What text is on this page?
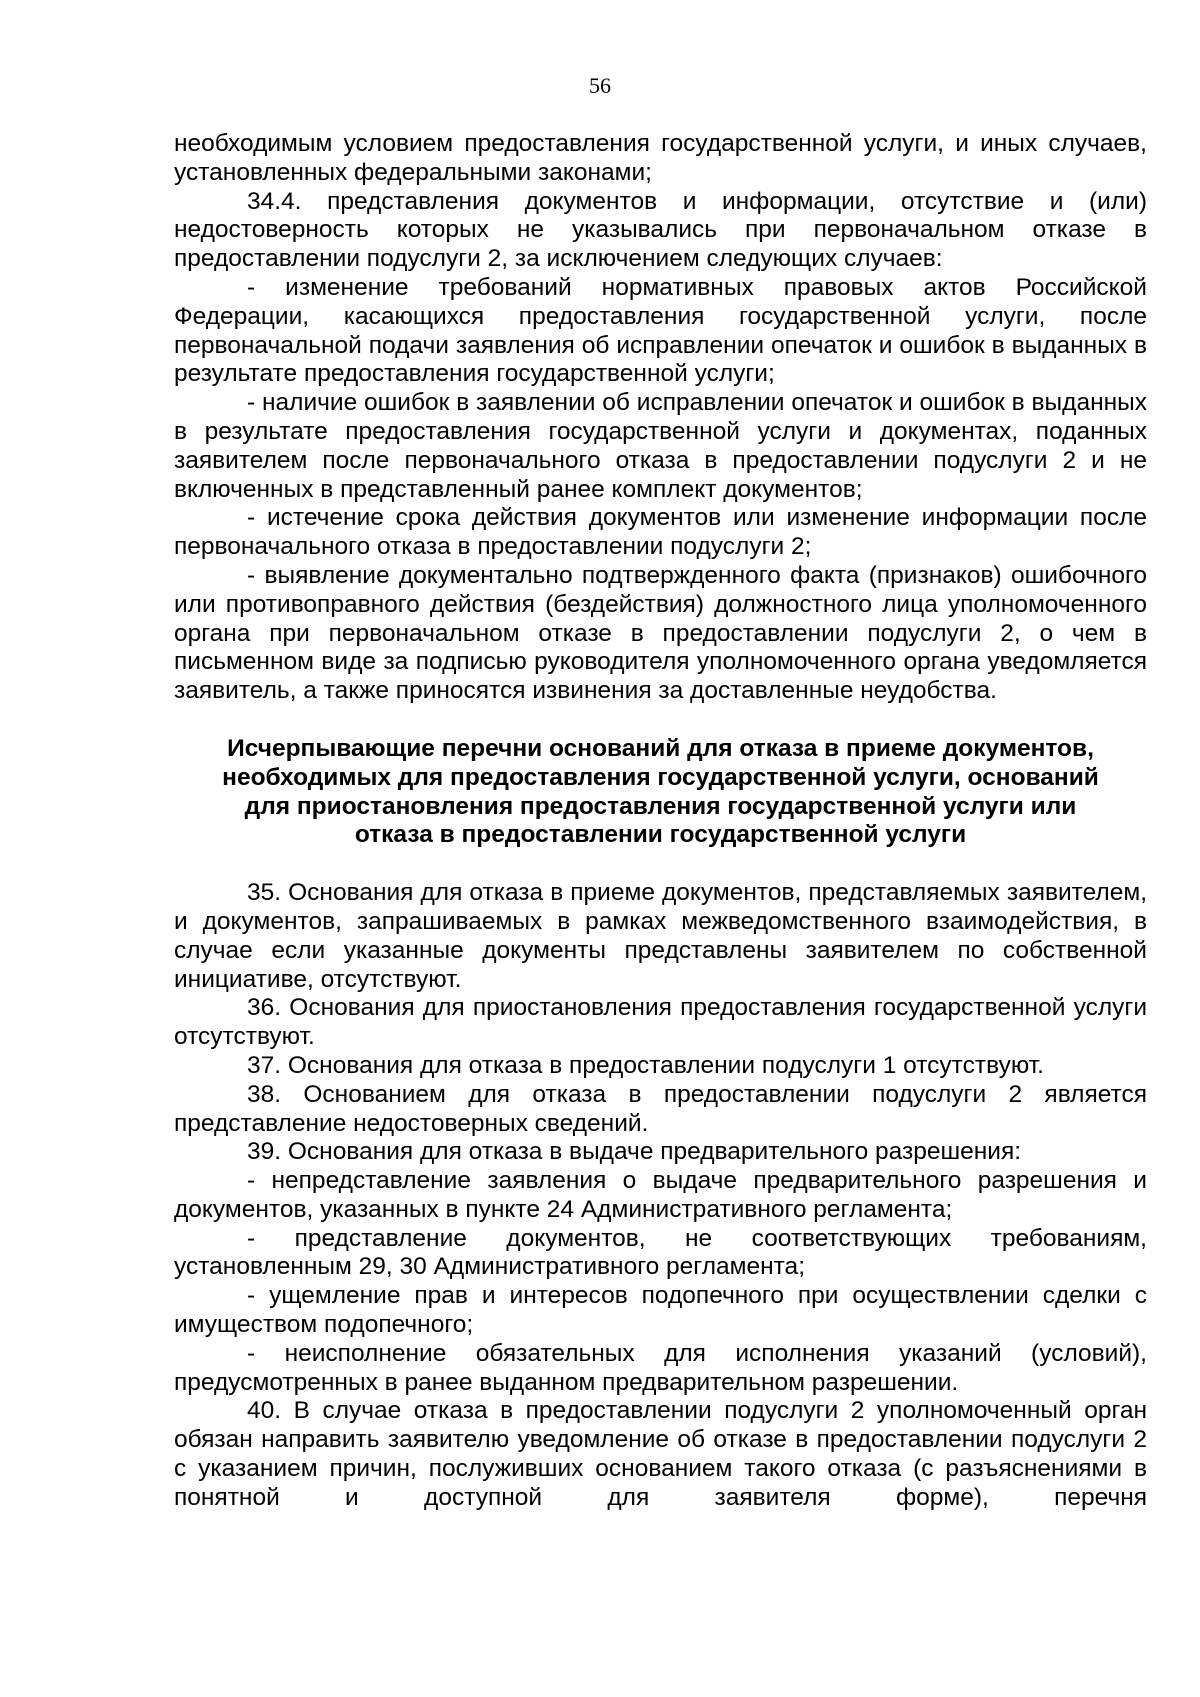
56

необходимым условием предоставления государственной услуги, и иных случаев, установленных федеральными законами;

34.4. представления документов и информации, отсутствие и (или) недостоверность которых не указывались при первоначальном отказе в предоставлении подуслуги 2, за исключением следующих случаев:

- изменение требований нормативных правовых актов Российской Федерации, касающихся предоставления государственной услуги, после первоначальной подачи заявления об исправлении опечаток и ошибок в выданных в результате предоставления государственной услуги;

- наличие ошибок в заявлении об исправлении опечаток и ошибок в выданных в результате предоставления государственной услуги и документах, поданных заявителем после первоначального отказа в предоставлении подуслуги 2 и не включенных в представленный ранее комплект документов;

- истечение срока действия документов или изменение информации после первоначального отказа в предоставлении подуслуги 2;

- выявление документально подтвержденного факта (признаков) ошибочного или противоправного действия (бездействия) должностного лица уполномоченного органа при первоначальном отказе в предоставлении подуслуги 2, о чем в письменном виде за подписью руководителя уполномоченного органа уведомляется заявитель, а также приносятся извинения за доставленные неудобства.

Исчерпывающие перечни оснований для отказа в приеме документов, необходимых для предоставления государственной услуги, оснований для приостановления предоставления государственной услуги или отказа в предоставлении государственной услуги

35. Основания для отказа в приеме документов, представляемых заявителем, и документов, запрашиваемых в рамках межведомственного взаимодействия, в случае если указанные документы представлены заявителем по собственной инициативе, отсутствуют.

36. Основания для приостановления предоставления государственной услуги отсутствуют.

37. Основания для отказа в предоставлении подуслуги 1 отсутствуют.

38. Основанием для отказа в предоставлении подуслуги 2 является представление недостоверных сведений.

39. Основания для отказа в выдаче предварительного разрешения:

- непредставление заявления о выдаче предварительного разрешения и документов, указанных в пункте 24 Административного регламента;

- представление документов, не соответствующих требованиям, установленным 29, 30 Административного регламента;

- ущемление прав и интересов подопечного при осуществлении сделки с имуществом подопечного;

- неисполнение обязательных для исполнения указаний (условий), предусмотренных в ранее выданном предварительном разрешении.

40. В случае отказа в предоставлении подуслуги 2 уполномоченный орган обязан направить заявителю уведомление об отказе в предоставлении подуслуги 2 с указанием причин, послуживших основанием такого отказа (с разъяснениями в понятной и доступной для заявителя форме), перечня
